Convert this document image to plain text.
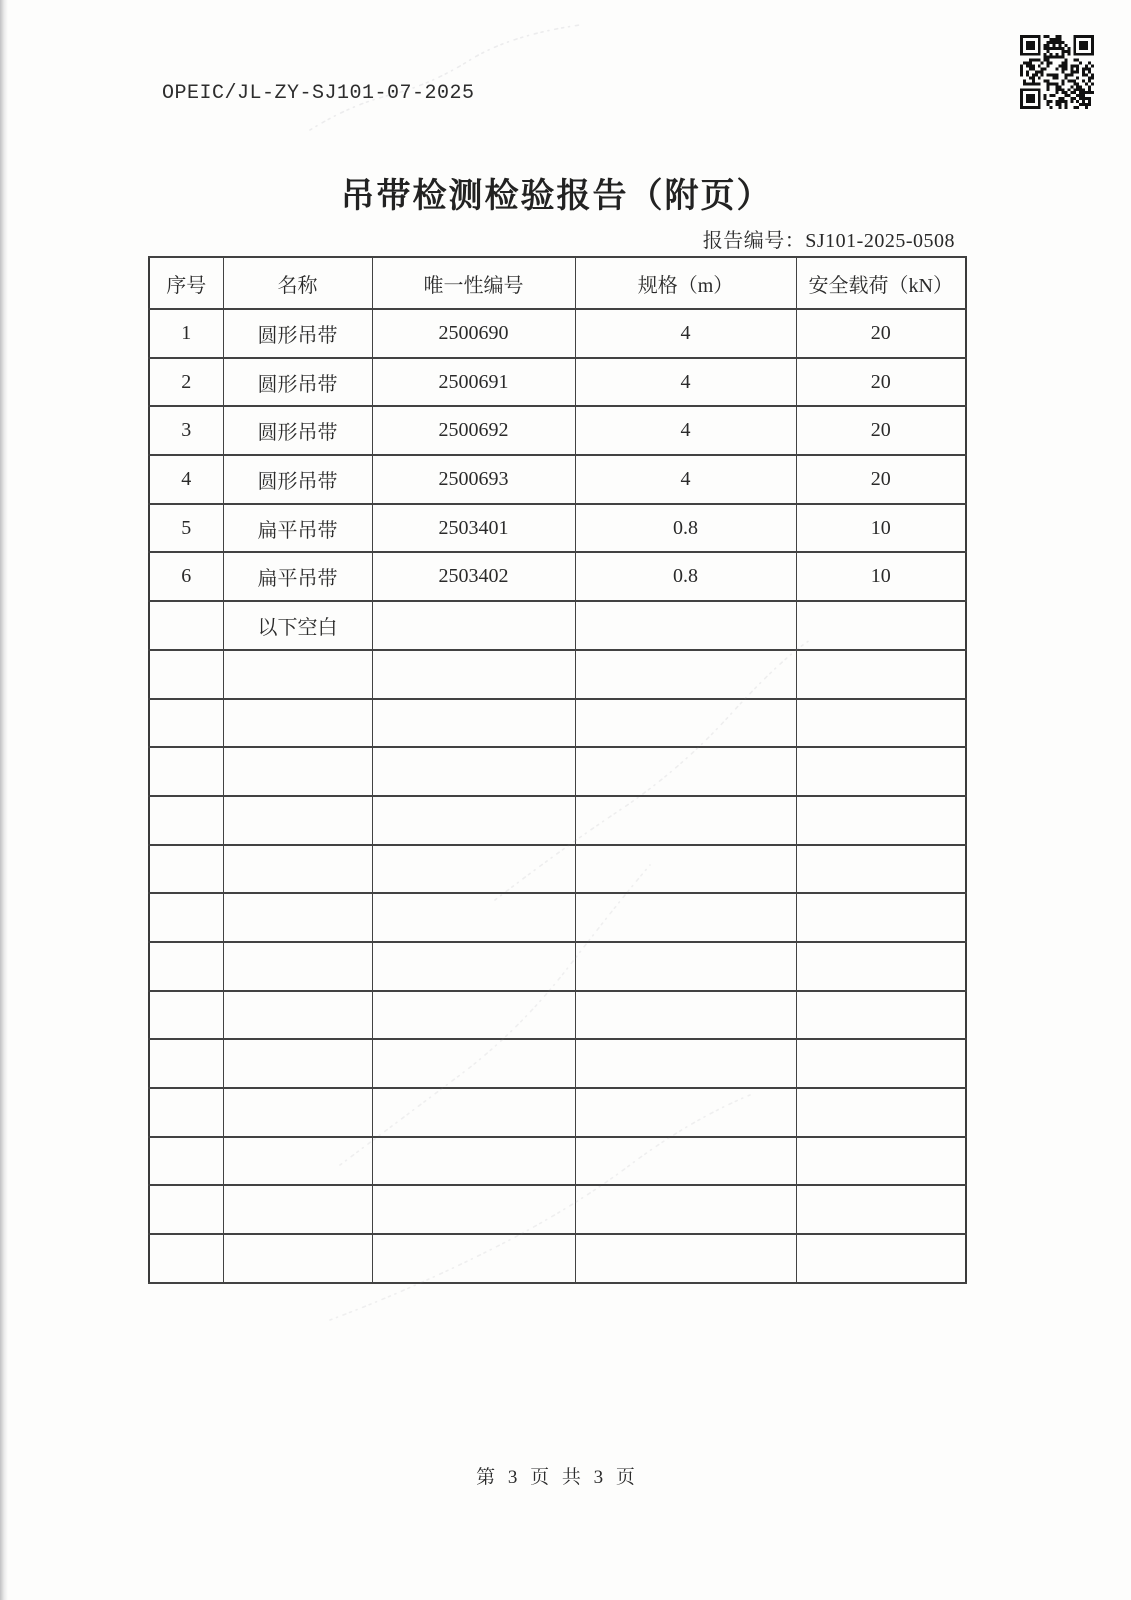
OPEIC/JL-ZY-SJ101-07-2025
吊带检测检验报告（附页）
报告编号：SJ101-2025-0508
序号	名称	唯一性编号	规格（m）	安全载荷（kN）
1	圆形吊带	2500690	4	20
2	圆形吊带	2500691	4	20
3	圆形吊带	2500692	4	20
4	圆形吊带	2500693	4	20
5	扁平吊带	2503401	0.8	10
6	扁平吊带	2503402	0.8	10
	以下空白			

第 3 页 共 3 页
